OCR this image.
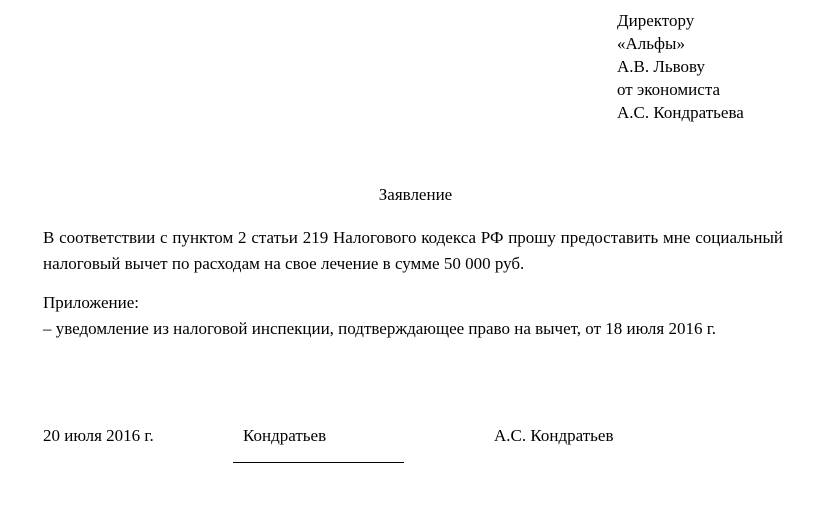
Директору
«Альфы»
А.В. Львову
от экономиста
А.С. Кондратьева
Заявление

В соответствии с пунктом 2 статьи 219 Налогового кодекса РФ прошу предоставить мне социальный налоговый вычет по расходам на свое лечение в сумме 50 000 руб.

Приложение:
– уведомление из налоговой инспекции, подтверждающее право на вычет, от 18 июля 2016 г.
20 июля 2016 г.	Кондратьев	А.С. Кондратьев
